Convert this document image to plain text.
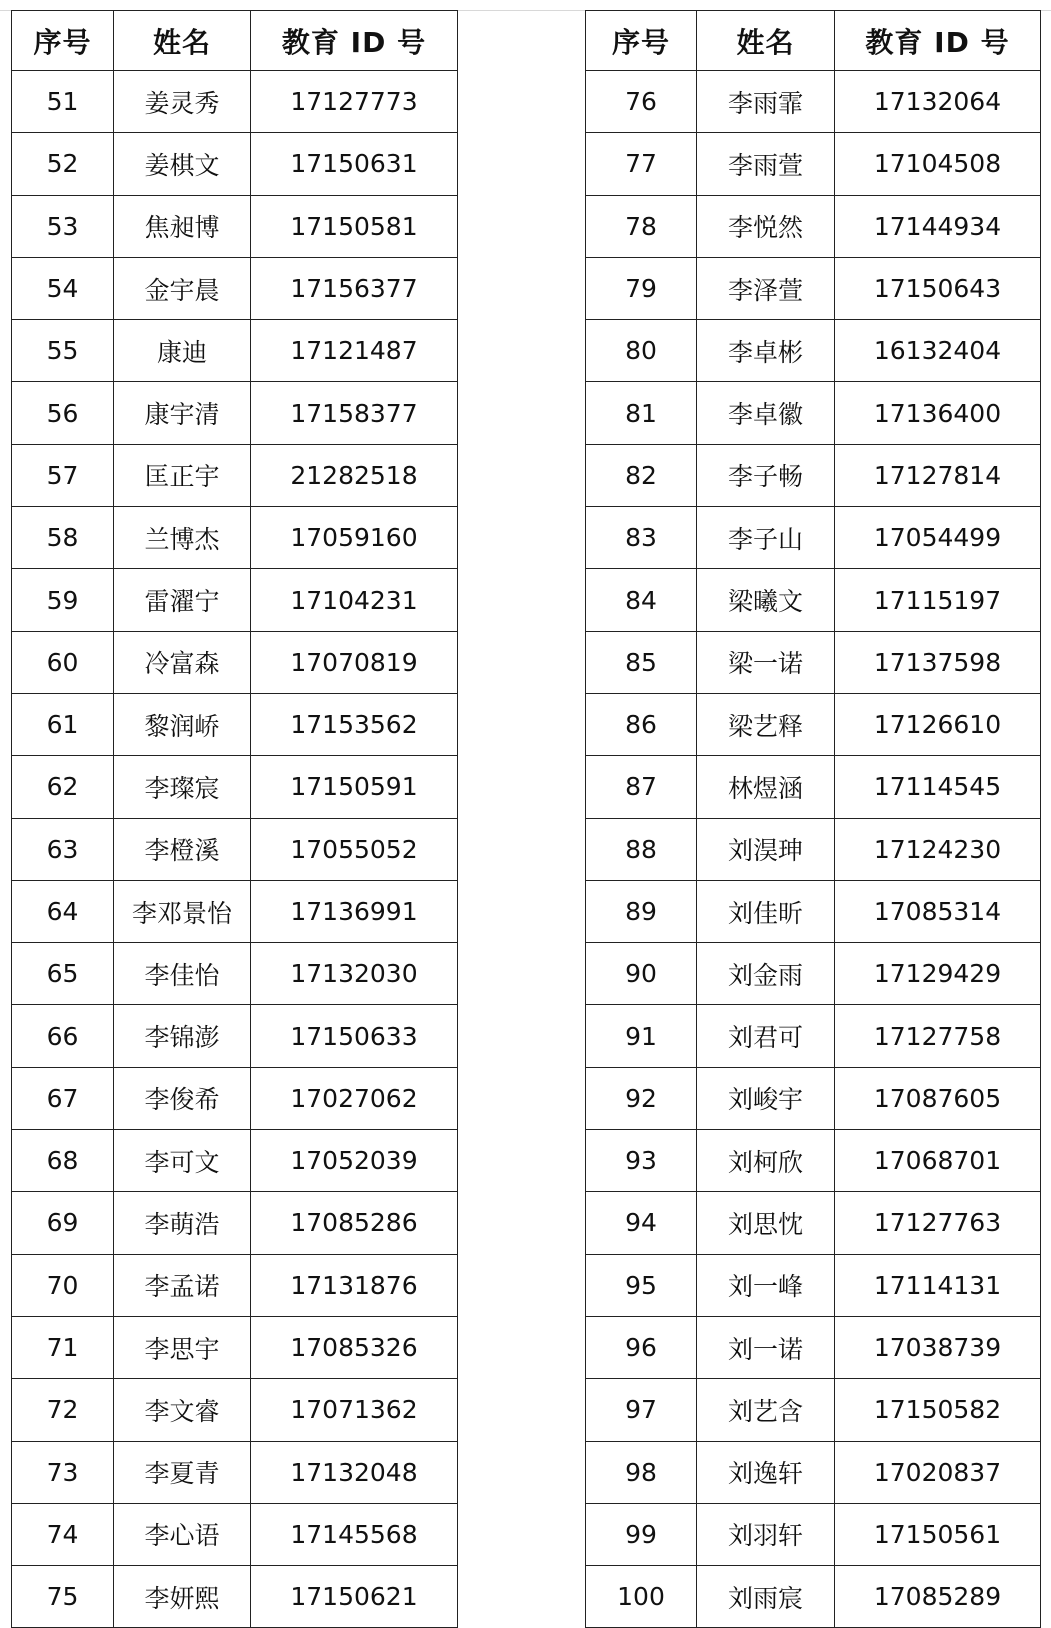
序号	姓名	教育 ID 号
51	姜灵秀	17127773
52	姜棋文	17150631
53	焦昶博	17150581
54	金宇晨	17156377
55	康迪	17121487
56	康宇清	17158377
57	匡正宇	21282518
58	兰博杰	17059160
59	雷濯宁	17104231
60	冷富森	17070819
61	黎润峤	17153562
62	李璨宸	17150591
63	李橙溪	17055052
64	李邓景怡	17136991
65	李佳怡	17132030
66	李锦澎	17150633
67	李俊希	17027062
68	李可文	17052039
69	李萌浩	17085286
70	李孟诺	17131876
71	李思宇	17085326
72	李文睿	17071362
73	李夏青	17132048
74	李心语	17145568
75	李妍熙	17150621
序号	姓名	教育 ID 号
76	李雨霏	17132064
77	李雨萱	17104508
78	李悦然	17144934
79	李泽萱	17150643
80	李卓彬	16132404
81	李卓徽	17136400
82	李子畅	17127814
83	李子山	17054499
84	梁曦文	17115197
85	梁一诺	17137598
86	梁艺释	17126610
87	林煜涵	17114545
88	刘淏珅	17124230
89	刘佳昕	17085314
90	刘金雨	17129429
91	刘君可	17127758
92	刘峻宇	17087605
93	刘柯欣	17068701
94	刘思忱	17127763
95	刘一峰	17114131
96	刘一诺	17038739
97	刘艺含	17150582
98	刘逸轩	17020837
99	刘羽轩	17150561
100	刘雨宸	17085289
